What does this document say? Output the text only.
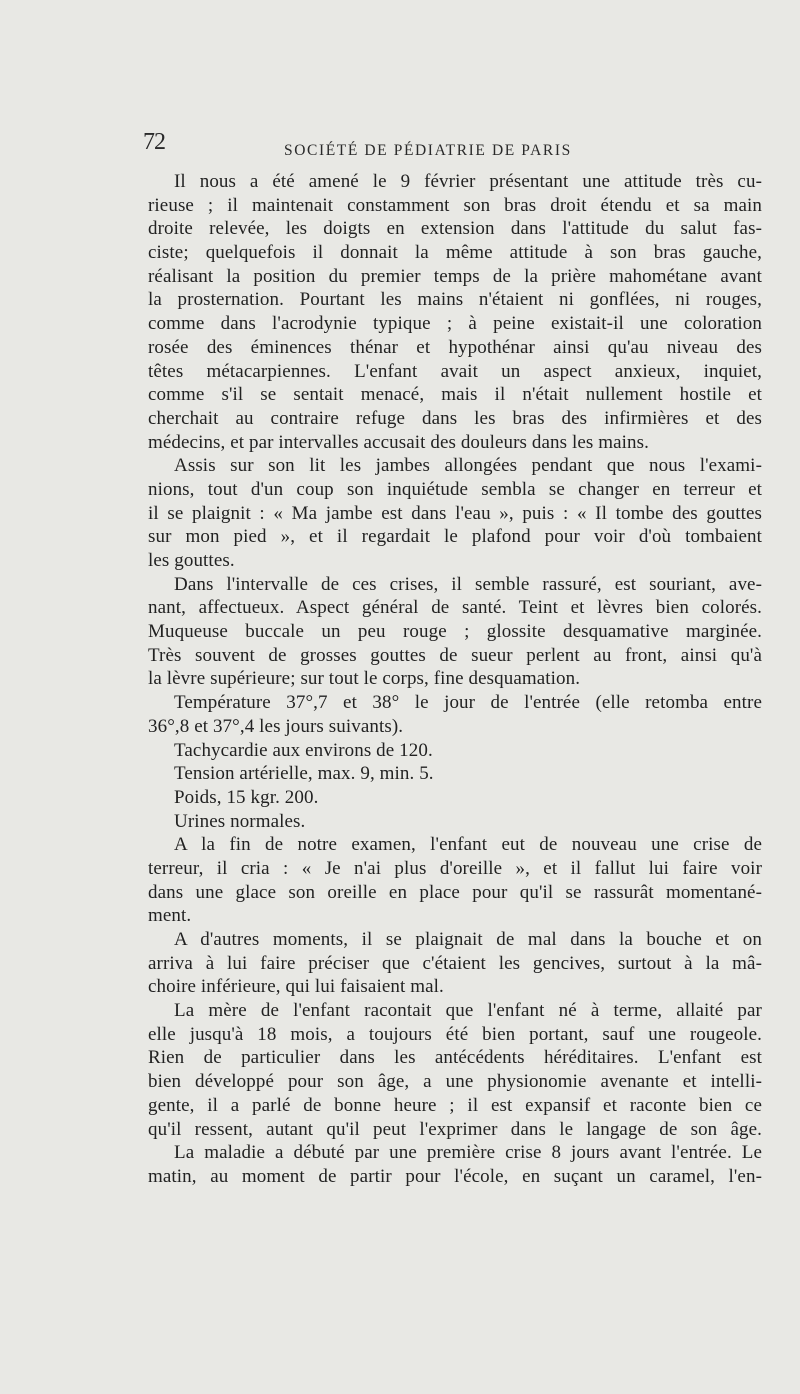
72	SOCIÉTÉ DE PÉDIATRIE DE PARIS
Il nous a été amené le 9 février présentant une attitude très cu-
rieuse ; il maintenait constamment son bras droit étendu et sa main
droite relevée, les doigts en extension dans l'attitude du salut fas-
ciste; quelquefois il donnait la même attitude à son bras gauche,
réalisant la position du premier temps de la prière mahométane avant
la prosternation. Pourtant les mains n'étaient ni gonflées, ni rouges,
comme dans l'acrodynie typique ; à peine existait-il une coloration
rosée des éminences thénar et hypothénar ainsi qu'au niveau des
têtes métacarpiennes. L'enfant avait un aspect anxieux, inquiet,
comme s'il se sentait menacé, mais il n'était nullement hostile et
cherchait au contraire refuge dans les bras des infirmières et des
médecins, et par intervalles accusait des douleurs dans les mains.
Assis sur son lit les jambes allongées pendant que nous l'exami-
nions, tout d'un coup son inquiétude sembla se changer en terreur et
il se plaignit : « Ma jambe est dans l'eau », puis : « Il tombe des gouttes
sur mon pied », et il regardait le plafond pour voir d'où tombaient
les gouttes.
Dans l'intervalle de ces crises, il semble rassuré, est souriant, ave-
nant, affectueux. Aspect général de santé. Teint et lèvres bien colorés.
Muqueuse buccale un peu rouge ; glossite desquamative marginée.
Très souvent de grosses gouttes de sueur perlent au front, ainsi qu'à
la lèvre supérieure; sur tout le corps, fine desquamation.
Température 37°,7 et 38° le jour de l'entrée (elle retomba entre
36°,8 et 37°,4 les jours suivants).
Tachycardie aux environs de 120.
Tension artérielle, max. 9, min. 5.
Poids, 15 kgr. 200.
Urines normales.
A la fin de notre examen, l'enfant eut de nouveau une crise de
terreur, il cria : « Je n'ai plus d'oreille », et il fallut lui faire voir
dans une glace son oreille en place pour qu'il se rassurât momentané-
ment.
A d'autres moments, il se plaignait de mal dans la bouche et on
arriva à lui faire préciser que c'étaient les gencives, surtout à la mâ-
choire inférieure, qui lui faisaient mal.
La mère de l'enfant racontait que l'enfant né à terme, allaité par
elle jusqu'à 18 mois, a toujours été bien portant, sauf une rougeole.
Rien de particulier dans les antécédents héréditaires. L'enfant est
bien développé pour son âge, a une physionomie avenante et intelli-
gente, il a parlé de bonne heure ; il est expansif et raconte bien ce
qu'il ressent, autant qu'il peut l'exprimer dans le langage de son âge.
La maladie a débuté par une première crise 8 jours avant l'entrée. Le
matin, au moment de partir pour l'école, en suçant un caramel, l'en-
